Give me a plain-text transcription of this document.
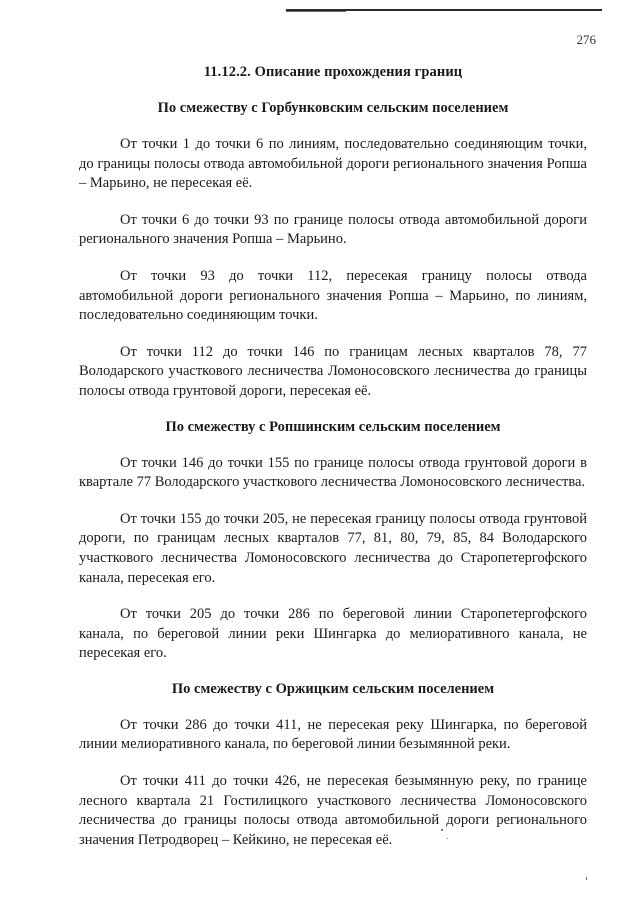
276
11.12.2. Описание прохождения границ
По смежеству с Горбунковским сельским поселением

От точки 1 до точки 6 по линиям, последовательно соединяющим точки, до границы полосы отвода автомобильной дороги регионального значения Ропша – Марьино, не пересекая её.

От точки 6 до точки 93 по границе полосы отвода автомобильной дороги регионального значения Ропша – Марьино.

От точки 93 до точки 112, пересекая границу полосы отвода автомобильной дороги регионального значения Ропша – Марьино, по линиям, последовательно соединяющим точки.

От точки 112 до точки 146 по границам лесных кварталов 78, 77 Володарского участкового лесничества Ломоносовского лесничества до границы полосы отвода грунтовой дороги, пересекая её.

По смежеству с Ропшинским сельским поселением

От точки 146 до точки 155 по границе полосы отвода грунтовой дороги в квартале 77 Володарского участкового лесничества Ломоносовского лесничества.

От точки 155 до точки 205, не пересекая границу полосы отвода грунтовой дороги, по границам лесных кварталов 77, 81, 80, 79, 85, 84 Володарского участкового лесничества Ломоносовского лесничества до Старопетергофского канала, пересекая его.

От точки 205 до точки 286 по береговой линии Старопетергофского канала, по береговой линии реки Шингарка до мелиоративного канала, не пересекая его.

По смежеству с Оржицким сельским поселением

От точки 286 до точки 411, не пересекая реку Шингарка, по береговой линии мелиоративного канала, по береговой линии безымянной реки.

От точки 411 до точки 426, не пересекая безымянную реку, по границе лесного квартала 21 Гостилицкого участкового лесничества Ломоносовского лесничества до границы полосы отвода автомобильной дороги регионального значения Петродворец – Кейкино, не пересекая её.
